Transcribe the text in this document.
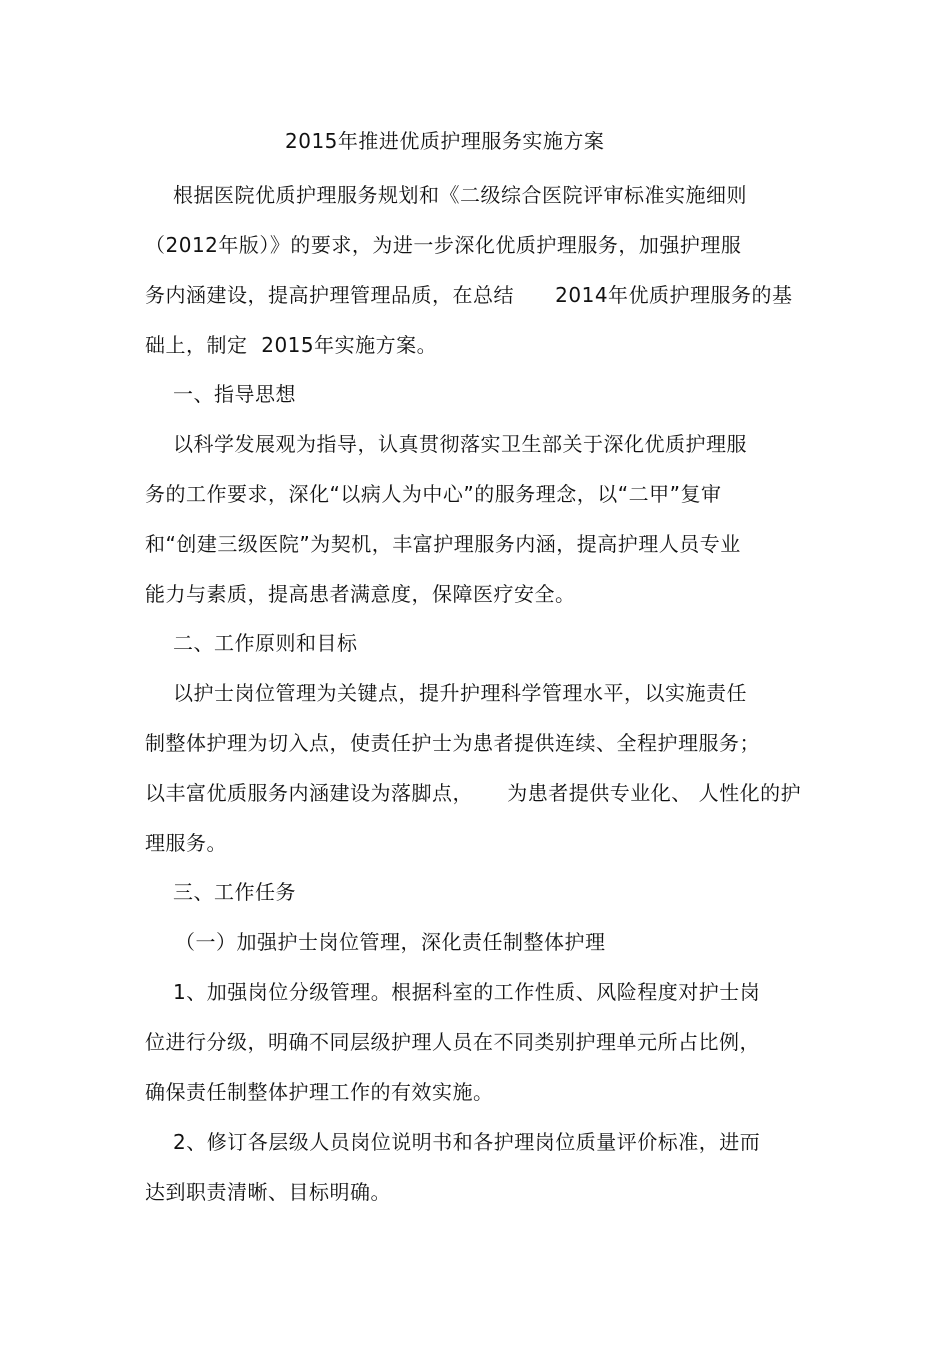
2015年推进优质护理服务实施方案
根据医院优质护理服务规划和《二级综合医院评审标准实施细则
（2012年版）》的要求，为进一步深化优质护理服务，加强护理服
务内涵建设，提高护理管理品质，在总结      2014年优质护理服务的基
础上，制定  2015年实施方案。
一、指导思想
以科学发展观为指导，认真贯彻落实卫生部关于深化优质护理服
务的工作要求，深化“以病人为中心”的服务理念，以“二甲”复审
和“创建三级医院”为契机，丰富护理服务内涵，提高护理人员专业
能力与素质，提高患者满意度，保障医疗安全。
二、工作原则和目标
以护士岗位管理为关键点，提升护理科学管理水平，以实施责任
制整体护理为切入点，使责任护士为患者提供连续、全程护理服务；
以丰富优质服务内涵建设为落脚点，     为患者提供专业化、 人性化的护
理服务。
三、工作任务
（一）加强护士岗位管理，深化责任制整体护理
1、加强岗位分级管理。根据科室的工作性质、风险程度对护士岗
位进行分级，明确不同层级护理人员在不同类别护理单元所占比例，
确保责任制整体护理工作的有效实施。
2、修订各层级人员岗位说明书和各护理岗位质量评价标准，进而
达到职责清晰、目标明确。
